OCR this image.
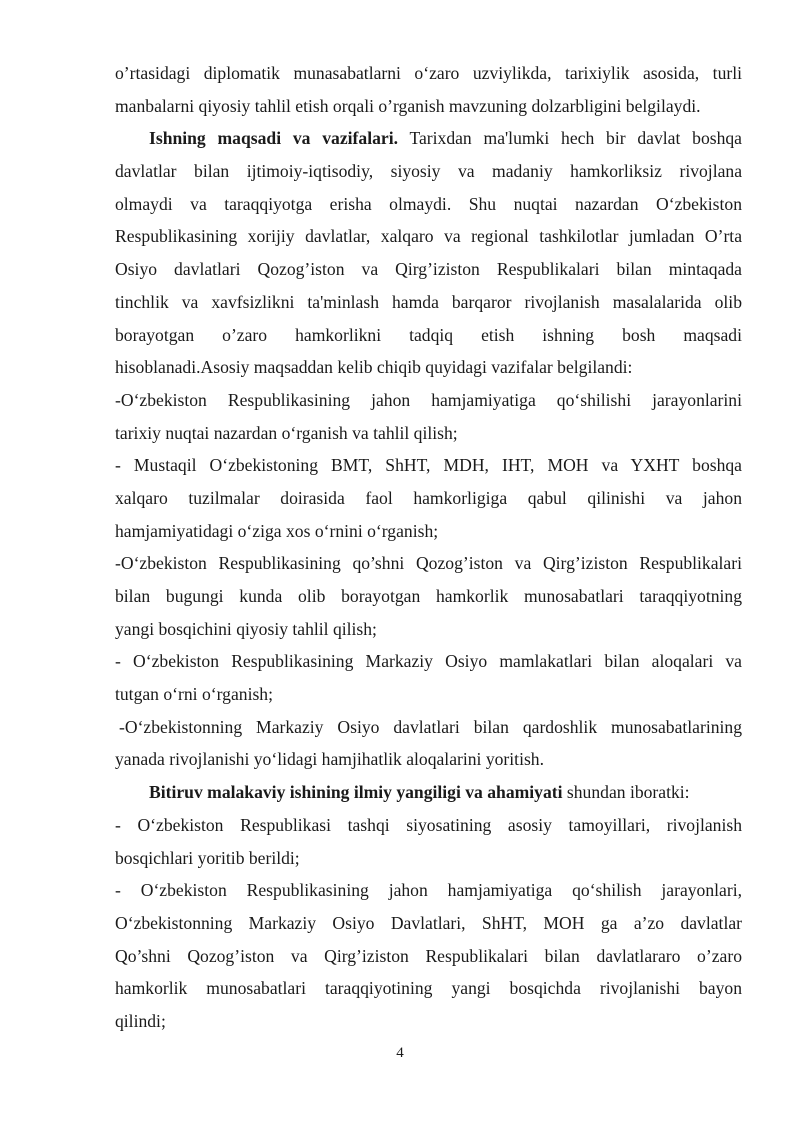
o’rtasidagi diplomatik munasabatlarni o‘zaro uzviylikda, tarixiylik asosida, turli
manbalarni qiyosiy tahlil etish orqali o’rganish mavzuning dolzarbligini belgilaydi.
Ishning maqsadi va vazifalari. Tarixdan ma'lumki hech bir davlat boshqa
davlatlar bilan ijtimoiy-iqtisodiy, siyosiy va madaniy hamkorliksiz rivojlana
olmaydi va taraqqiyotga erisha olmaydi. Shu nuqtai nazardan O‘zbekiston
Respublikasining xorijiy davlatlar, xalqaro va regional tashkilotlar jumladan O’rta
Osiyo davlatlari Qozog’iston va Qirg’iziston Respublikalari bilan mintaqada
tinchlik va xavfsizlikni ta'minlash hamda barqaror rivojlanish masalalarida olib
borayotgan o’zaro hamkorlikni tadqiq etish ishning bosh maqsadi
hisoblanadi.Asosiy maqsaddan kelib chiqib quyidagi vazifalar belgilandi:
-O‘zbekiston Respublikasining jahon hamjamiyatiga qo‘shilishi jarayonlarini
tarixiy nuqtai nazardan o‘rganish va tahlil qilish;
- Mustaqil O‘zbekistoning BMT, ShHT, MDH, IHT, MOH va YXHT boshqa
xalqaro tuzilmalar doirasida faol hamkorligiga qabul qilinishi va jahon
hamjamiyatidagi o‘ziga xos o‘rnini o‘rganish;
-O‘zbekiston Respublikasining qo’shni Qozog’iston va Qirg’iziston Respublikalari
bilan bugungi kunda olib borayotgan hamkorlik munosabatlari taraqqiyotning
yangi bosqichini qiyosiy tahlil qilish;
- O‘zbekiston Respublikasining Markaziy Osiyo mamlakatlari bilan aloqalari va
tutgan o‘rni o‘rganish;
-O‘zbekistonning Markaziy Osiyo davlatlari bilan qardoshlik munosabatlarining
yanada rivojlanishi yo‘lidagi hamjihatlik aloqalarini yoritish.
Bitiruv malakaviy ishining ilmiy yangiligi va ahamiyati shundan iboratki:
- O‘zbekiston Respublikasi tashqi siyosatining asosiy tamoyillari, rivojlanish
bosqichlari yoritib berildi;
- O‘zbekiston Respublikasining jahon hamjamiyatiga qo‘shilish jarayonlari,
O‘zbekistonning Markaziy Osiyo Davlatlari, ShHT, MOH ga a’zo davlatlar
Qo’shni Qozog’iston va Qirg’iziston Respublikalari bilan davlatlararo o’zaro
hamkorlik munosabatlari taraqqiyotining yangi bosqichda rivojlanishi bayon
qilindi;
4
